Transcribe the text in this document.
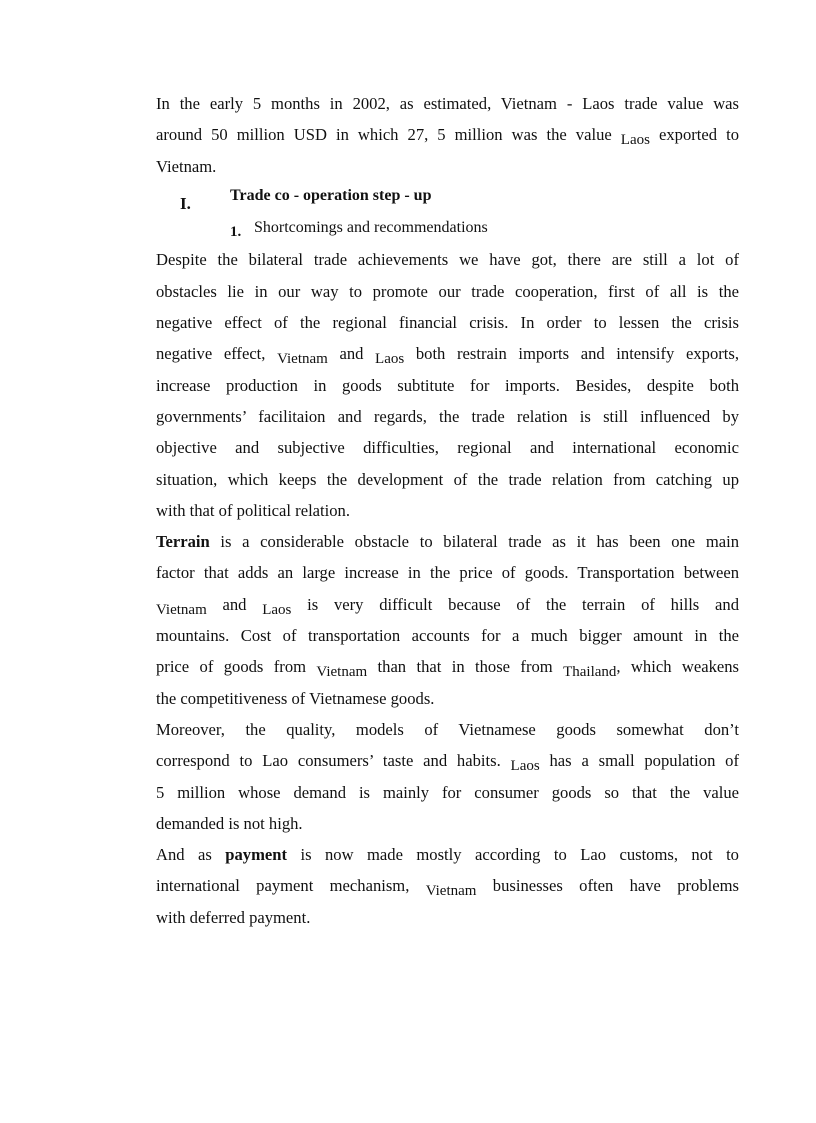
In the early 5 months in 2002, as estimated, Vietnam - Laos trade value was
around 50 million USD in which 27, 5 million was the value Laos exported to
Vietnam.
I. Trade co - operation step - up
1. Shortcomings and recommendations
Despite the bilateral trade achievements we have got, there are still a lot of
obstacles lie in our way to promote our trade cooperation, first of all is the
negative effect of the regional financial crisis. In order to lessen the crisis
negative effect, Vietnam and Laos both restrain imports and intensify exports,
increase production in goods subtitute for imports. Besides, despite both
governments’ facilitaion and regards, the trade relation is still influenced by
objective and subjective difficulties, regional and international economic
situation, which keeps the development of the trade relation from catching up
with that of political relation.
Terrain is a considerable obstacle to bilateral trade as it has been one main
factor that adds an large increase in the price of goods. Transportation between
Vietnam and Laos is very difficult because of the terrain of hills and
mountains. Cost of transportation accounts for a much bigger amount in the
price of goods from Vietnam than that in those from Thailand, which weakens
the competitiveness of Vietnamese goods.
Moreover, the quality, models of Vietnamese goods somewhat don’t
correspond to Lao consumers’ taste and habits. Laos has a small population of
5 million whose demand is mainly for consumer goods so that the value
demanded is not high.
And as payment is now made mostly according to Lao customs, not to
international payment mechanism, Vietnam businesses often have problems
with deferred payment.
